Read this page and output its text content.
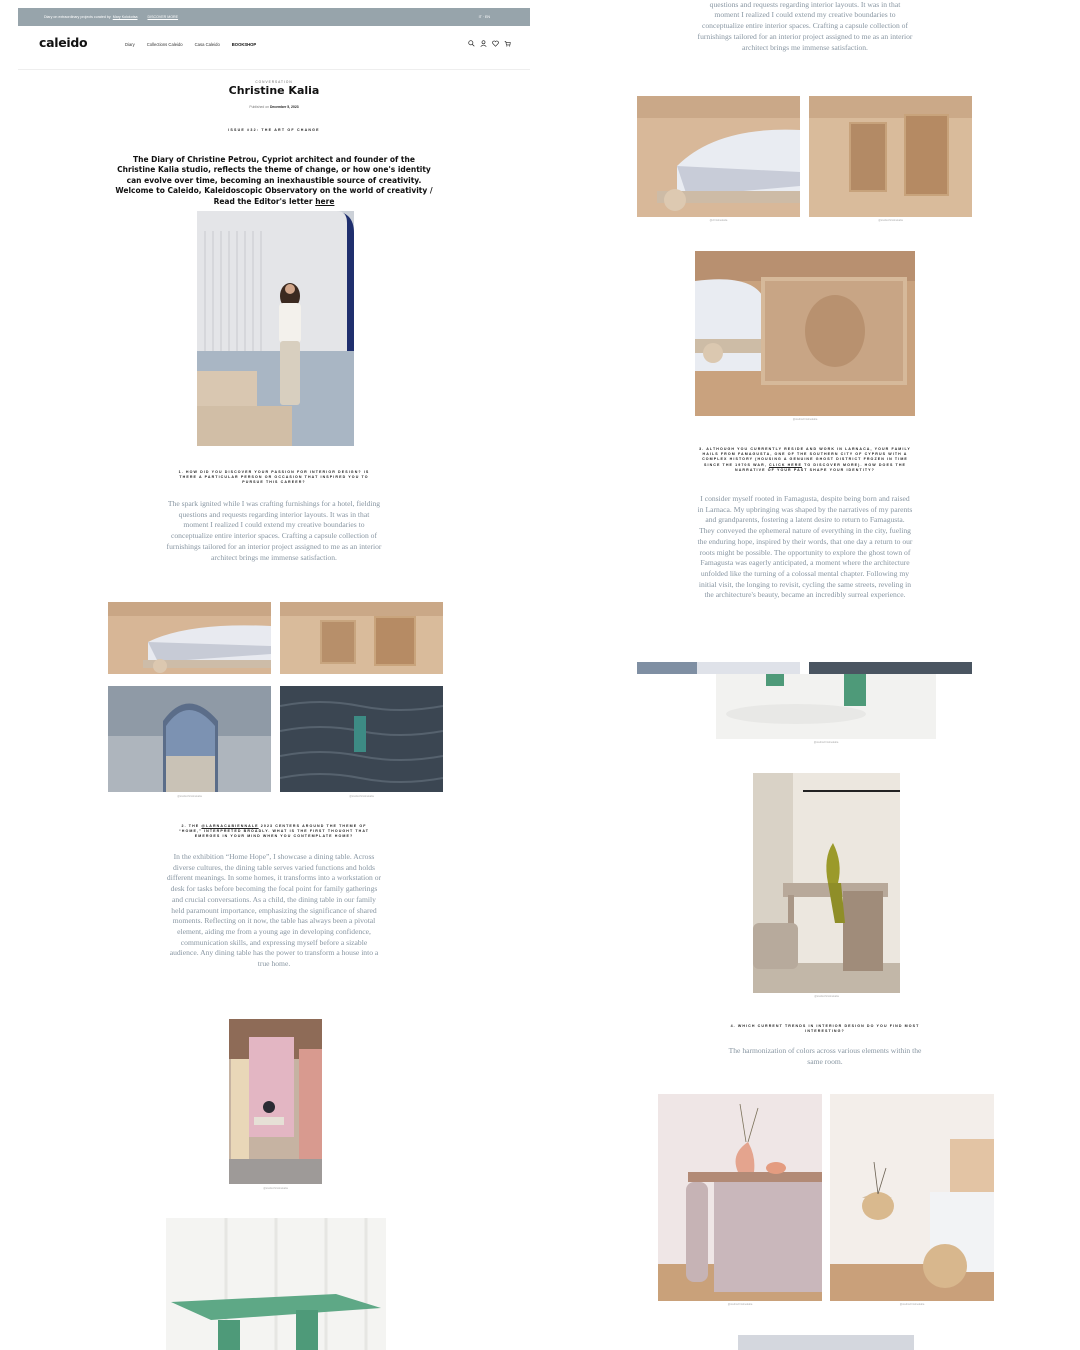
Diary on extraordinary projects curated by Mary Kolokotsa	DISCOVER MORE	IT · EN
caleido	Diary	Collections Caleido	Casa Caleido	BOOKSHOP
CONVERSATION
Christine Kalia
Published on December 5, 2023
ISSUE #32: THE ART OF CHANGE

The Diary of Christine Petrou, Cypriot architect and founder of the Christine Kalia studio, reflects the theme of change, or how one's identity can evolve over time, becoming an inexhaustible source of creativity. Welcome to Caleido, Kaleidoscopic Observatory on the world of creativity / Read the Editor's letter here

1. HOW DID YOU DISCOVER YOUR PASSION FOR INTERIOR DESIGN? IS THERE A PARTICULAR PERSON OR OCCASION THAT INSPIRED YOU TO PURSUE THIS CAREER?

The spark ignited while I was crafting furnishings for a hotel, fielding questions and requests regarding interior layouts. It was in that moment I realized I could extend my creative boundaries to conceptualize entire interior spaces. Crafting a capsule collection of furnishings tailored for an interior project assigned to me as an interior architect brings me immense satisfaction.

@studiochristinekalia	@studiochristinekalia
2. THE @LARNACABIENNALE 2023 CENTERS AROUND THE THEME OF “HOME,” INTERPRETED BROADLY. WHAT IS THE FIRST THOUGHT THAT EMERGES IN YOUR MIND WHEN YOU CONTEMPLATE HOME?

In the exhibition “Home Hope”, I showcase a dining table. Across diverse cultures, the dining table serves varied functions and holds different meanings. In some homes, it transforms into a workstation or desk for tasks before becoming the focal point for family gatherings and crucial conversations. As a child, the dining table in our family held paramount importance, emphasizing the significance of shared moments. Reflecting on it now, the table has always been a pivotal element, aiding me from a young age in developing confidence, communication skills, and expressing myself before a sizable audience. Any dining table has the power to transform a house into a true home.

@studiochristinekalia

questions and requests regarding interior layouts. It was in that moment I realized I could extend my creative boundaries to conceptualize entire interior spaces. Crafting a capsule collection of furnishings tailored for an interior project assigned to me as an interior architect brings me immense satisfaction.

@christinekalia	@studiochristinekalia
@studiochristinekalia
3. ALTHOUGH YOU CURRENTLY RESIDE AND WORK IN LARNACA, YOUR FAMILY HAILS FROM FAMAGUSTA, ONE OF THE SOUTHERN CITY OF CYPRUS WITH A COMPLEX HISTORY (HOUSING A GENUINE GHOST DISTRICT FROZEN IN TIME SINCE THE 1970S WAR, CLICK HERE TO DISCOVER MORE). HOW DOES THE NARRATIVE OF YOUR PAST SHAPE YOUR IDENTITY?

I consider myself rooted in Famagusta, despite being born and raised in Larnaca. My upbringing was shaped by the narratives of my parents and grandparents, fostering a latent desire to return to Famagusta. They conveyed the ephemeral nature of everything in the city, fueling the enduring hope, inspired by their words, that one day a return to our roots might be possible. The opportunity to explore the ghost town of Famagusta was eagerly anticipated, a moment where the architecture unfolded like the turning of a colossal mental chapter. Following my initial visit, the longing to revisit, cycling the same streets, reveling in the architecture's beauty, became an incredibly surreal experience.

@studiochristinekalia
@studiochristinekalia
4. WHICH CURRENT TRENDS IN INTERIOR DESIGN DO YOU FIND MOST INTERESTING?

The harmonization of colors across various elements within the same room.

@studiochristinekalia	@studiochristinekalia
